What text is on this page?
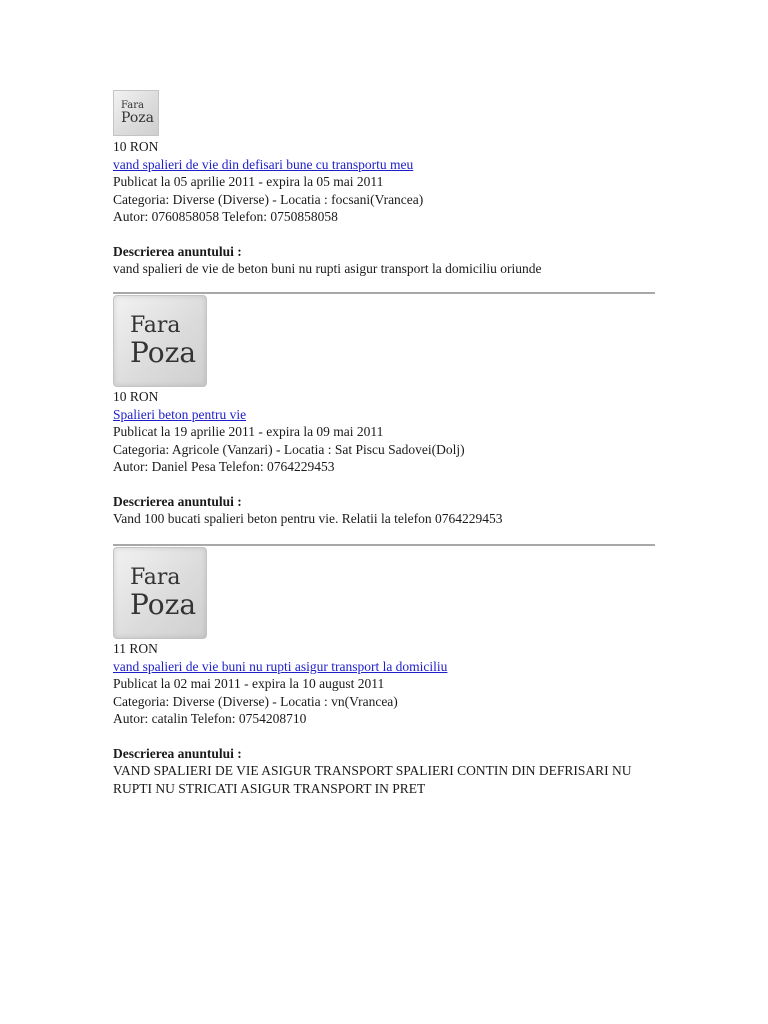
Fara
Poza
10 RON
vand spalieri de vie din defisari bune cu transportu meu
Publicat la 05 aprilie 2011 - expira la 05 mai 2011
Categoria: Diverse (Diverse) - Locatia : focsani(Vrancea)
Autor: 0760858058 Telefon: 0750858058
Descrierea anuntului :
vand spalieri de vie de beton buni nu rupti asigur transport la domiciliu oriunde
Fara
Poza
10 RON
Spalieri beton pentru vie
Publicat la 19 aprilie 2011 - expira la 09 mai 2011
Categoria: Agricole (Vanzari) - Locatia : Sat Piscu Sadovei(Dolj)
Autor: Daniel Pesa Telefon: 0764229453
Descrierea anuntului :
Vand 100 bucati spalieri beton pentru vie. Relatii la telefon 0764229453
Fara
Poza
11 RON
vand spalieri de vie buni nu rupti asigur transport la domiciliu
Publicat la 02 mai 2011 - expira la 10 august 2011
Categoria: Diverse (Diverse) - Locatia : vn(Vrancea)
Autor: catalin Telefon: 0754208710
Descrierea anuntului :
VAND SPALIERI DE VIE ASIGUR TRANSPORT SPALIERI CONTIN DIN DEFRISARI NU RUPTI NU STRICATI ASIGUR TRANSPORT IN PRET
